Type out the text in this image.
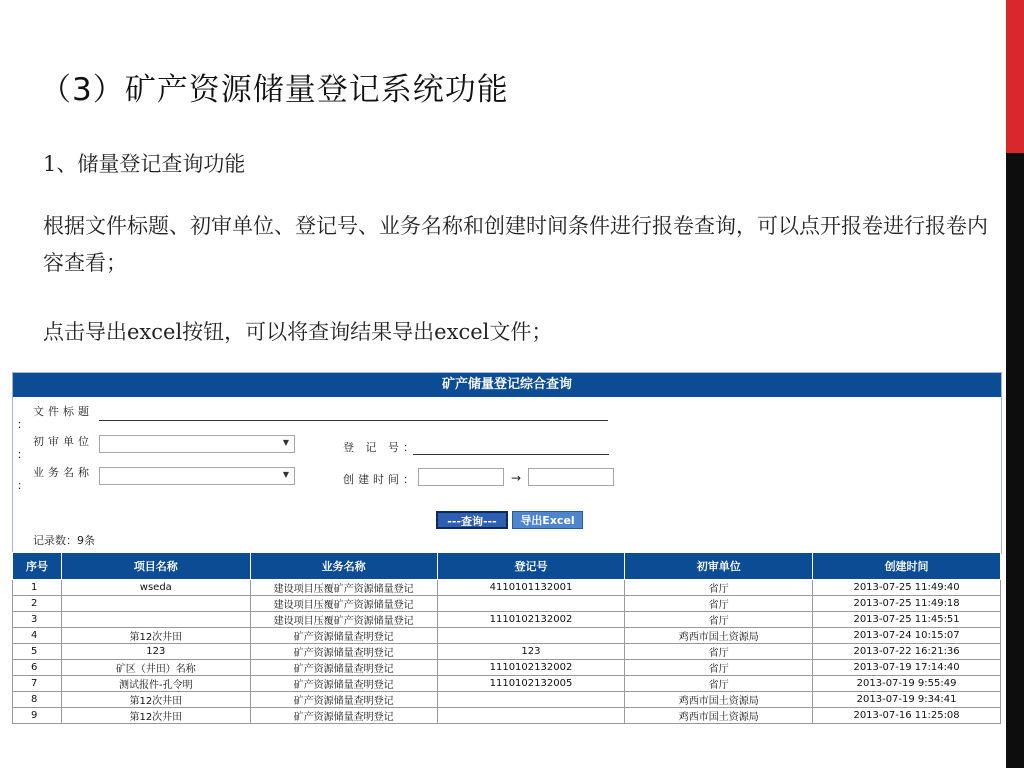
（3）矿产资源储量登记系统功能
1、储量登记查询功能
根据文件标题、初审单位、登记号、业务名称和创建时间条件进行报卷查询，可以点开报卷进行报卷内容查看；
点击导出excel按钮，可以将查询结果导出excel文件；
矿产储量登记综合查询
文件标题
：
初审单位
：
▼	登 记 号：
业务名称
：
▼	创建时间：	→
---查询---	导出Excel
记录数：9条
序号	项目名称	业务名称	登记号	初审单位	创建时间
1	wseda	建设项目压覆矿产资源储量登记	4110101132001	省厅	2013-07-25 11:49:40
2		建设项目压覆矿产资源储量登记		省厅	2013-07-25 11:49:18
3		建设项目压覆矿产资源储量登记	1110102132002	省厅	2013-07-25 11:45:51
4	第12次井田	矿产资源储量查明登记		鸡西市国土资源局	2013-07-24 10:15:07
5	123	矿产资源储量查明登记	123	省厅	2013-07-22 16:21:36
6	矿区（井田）名称	矿产资源储量查明登记	1110102132002	省厅	2013-07-19 17:14:40
7	测试报件-孔令明	矿产资源储量查明登记	1110102132005	省厅	2013-07-19 9:55:49
8	第12次井田	矿产资源储量查明登记		鸡西市国土资源局	2013-07-19 9:34:41
9	第12次井田	矿产资源储量查明登记		鸡西市国土资源局	2013-07-16 11:25:08
